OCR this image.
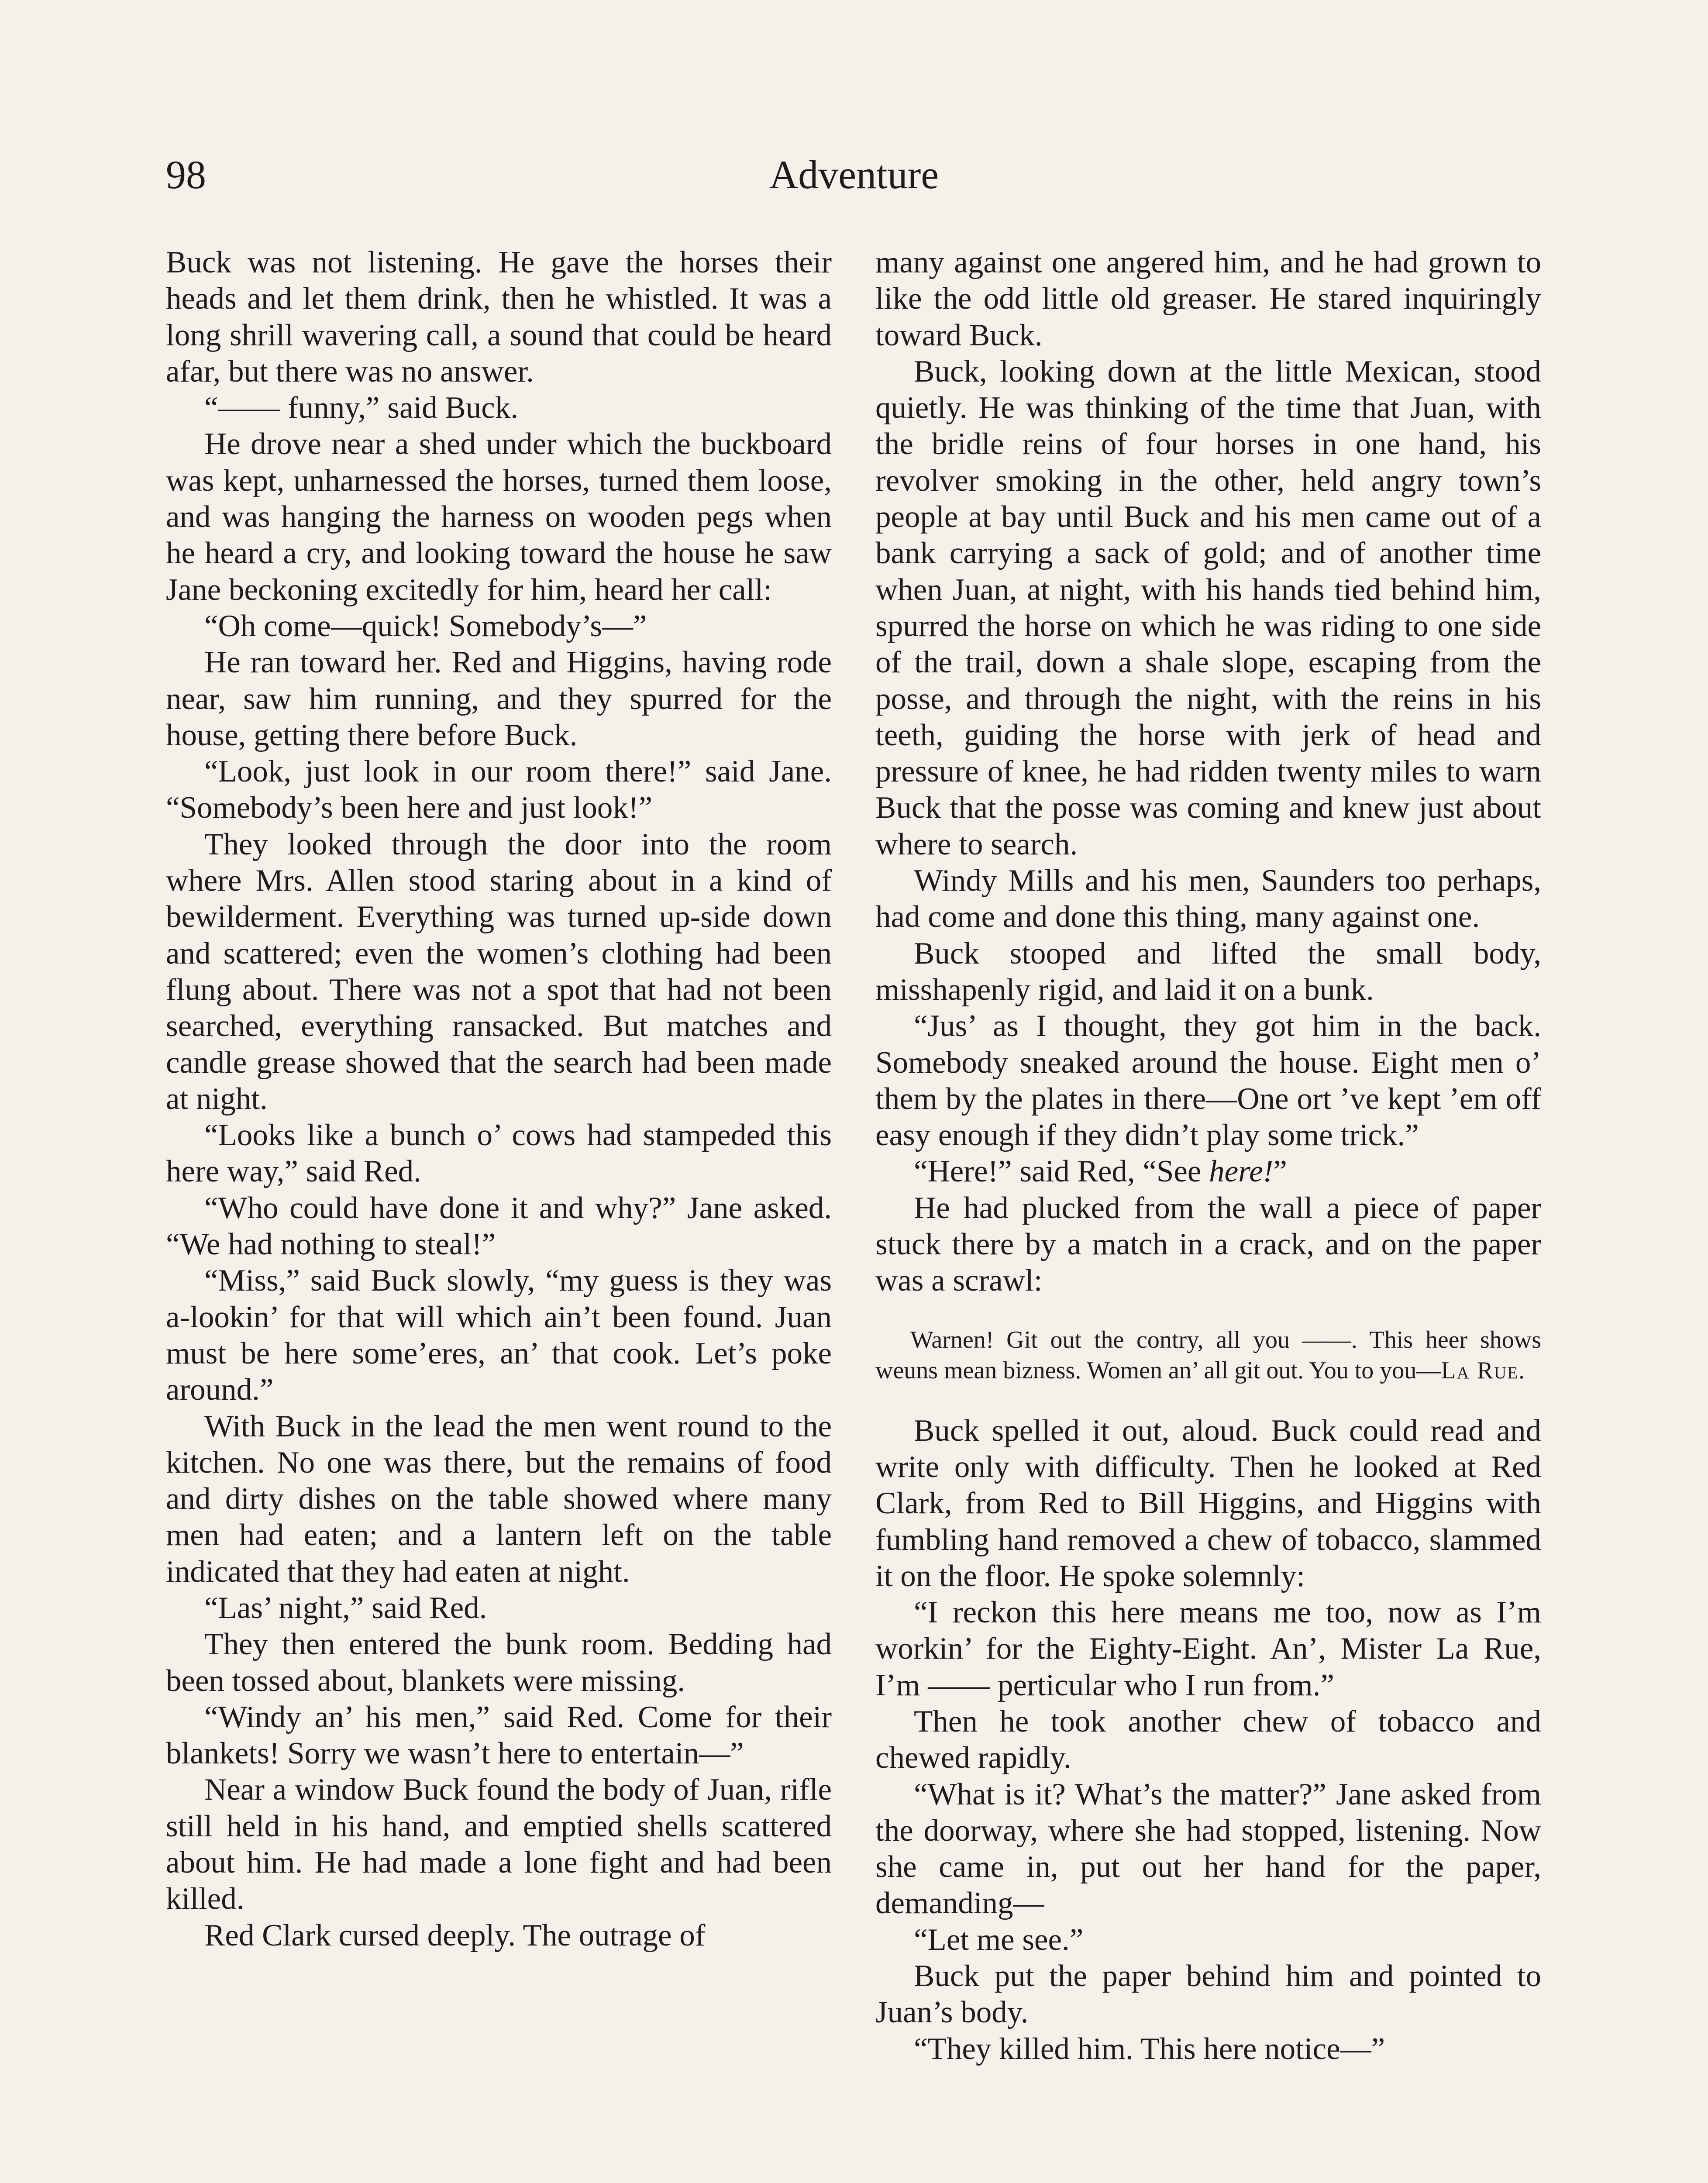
98	Adventure

Buck was not listening. He gave the horses their heads and let them drink, then he whistled. It was a long shrill wavering call, a sound that could be heard afar, but there was no answer.

“—— funny,” said Buck.

He drove near a shed under which the buckboard was kept, unharnessed the horses, turned them loose, and was hanging the harness on wooden pegs when he heard a cry, and looking toward the house he saw Jane beckoning excitedly for him, heard her call:

“Oh come—quick! Somebody’s—”

He ran toward her. Red and Higgins, having rode near, saw him running, and they spurred for the house, getting there before Buck.

“Look, just look in our room there!” said Jane. “Somebody’s been here and just look!”

They looked through the door into the room where Mrs. Allen stood staring about in a kind of bewilderment. Everything was turned up-side down and scattered; even the women’s clothing had been flung about. There was not a spot that had not been searched, everything ransacked. But matches and candle grease showed that the search had been made at night.

“Looks like a bunch o’ cows had stampeded this here way,” said Red.

“Who could have done it and why?” Jane asked. “We had nothing to steal!”

“Miss,” said Buck slowly, “my guess is they was a-lookin’ for that will which ain’t been found. Juan must be here some’eres, an’ that cook. Let’s poke around.”

With Buck in the lead the men went round to the kitchen. No one was there, but the remains of food and dirty dishes on the table showed where many men had eaten; and a lantern left on the table indicated that they had eaten at night.

“Las’ night,” said Red.

They then entered the bunk room. Bedding had been tossed about, blankets were missing.

“Windy an’ his men,” said Red. Come for their blankets! Sorry we wasn’t here to entertain—”

Near a window Buck found the body of Juan, rifle still held in his hand, and emptied shells scattered about him. He had made a lone fight and had been killed.

Red Clark cursed deeply. The outrage of

many against one angered him, and he had grown to like the odd little old greaser. He stared inquiringly toward Buck.

Buck, looking down at the little Mexican, stood quietly. He was thinking of the time that Juan, with the bridle reins of four horses in one hand, his revolver smoking in the other, held angry town’s people at bay until Buck and his men came out of a bank carrying a sack of gold; and of another time when Juan, at night, with his hands tied behind him, spurred the horse on which he was riding to one side of the trail, down a shale slope, escaping from the posse, and through the night, with the reins in his teeth, guiding the horse with jerk of head and pressure of knee, he had ridden twenty miles to warn Buck that the posse was coming and knew just about where to search.

Windy Mills and his men, Saunders too perhaps, had come and done this thing, many against one.

Buck stooped and lifted the small body, misshapenly rigid, and laid it on a bunk.

“Jus’ as I thought, they got him in the back. Somebody sneaked around the house. Eight men o’ them by the plates in there—One ort ’ve kept ’em off easy enough if they didn’t play some trick.”

“Here!” said Red, “See here!”

He had plucked from the wall a piece of paper stuck there by a match in a crack, and on the paper was a scrawl:

Warnen! Git out the contry, all you ——. This heer shows weuns mean bizness. Women an’ all git out. You to you—La Rue.

Buck spelled it out, aloud. Buck could read and write only with difficulty. Then he looked at Red Clark, from Red to Bill Higgins, and Higgins with fumbling hand removed a chew of tobacco, slammed it on the floor. He spoke solemnly:

“I reckon this here means me too, now as I’m workin’ for the Eighty-Eight. An’, Mister La Rue, I’m —— perticular who I run from.”

Then he took another chew of tobacco and chewed rapidly.

“What is it? What’s the matter?” Jane asked from the doorway, where she had stopped, listening. Now she came in, put out her hand for the paper, demanding—

“Let me see.”

Buck put the paper behind him and pointed to Juan’s body.

“They killed him. This here notice—”
